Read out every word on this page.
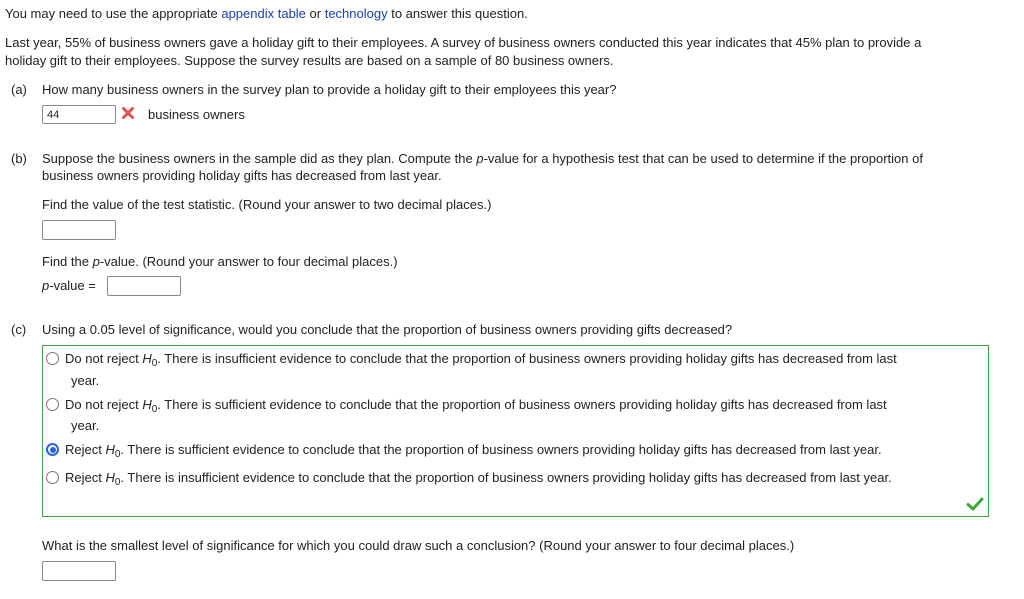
You may need to use the appropriate appendix table or technology to answer this question.
Last year, 55% of business owners gave a holiday gift to their employees. A survey of business owners conducted this year indicates that 45% plan to provide a
holiday gift to their employees. Suppose the survey results are based on a sample of 80 business owners.
(a) How many business owners in the survey plan to provide a holiday gift to their employees this year?
44
business owners
(b) Suppose the business owners in the sample did as they plan. Compute the p-value for a hypothesis test that can be used to determine if the proportion of
business owners providing holiday gifts has decreased from last year.
Find the value of the test statistic. (Round your answer to two decimal places.)
Find the p-value. (Round your answer to four decimal places.)
p-value =
(c) Using a 0.05 level of significance, would you conclude that the proportion of business owners providing gifts decreased?
Do not reject $H_0$. There is insufficient evidence to conclude that the proportion of business owners providing holiday gifts has decreased from last
year.
Do not reject $H_0$. There is sufficient evidence to conclude that the proportion of business owners providing holiday gifts has decreased from last
year.
Reject $H_0$. There is sufficient evidence to conclude that the proportion of business owners providing holiday gifts has decreased from last year.
Reject $H_0$. There is insufficient evidence to conclude that the proportion of business owners providing holiday gifts has decreased from last year.
What is the smallest level of significance for which you could draw such a conclusion? (Round your answer to four decimal places.)
